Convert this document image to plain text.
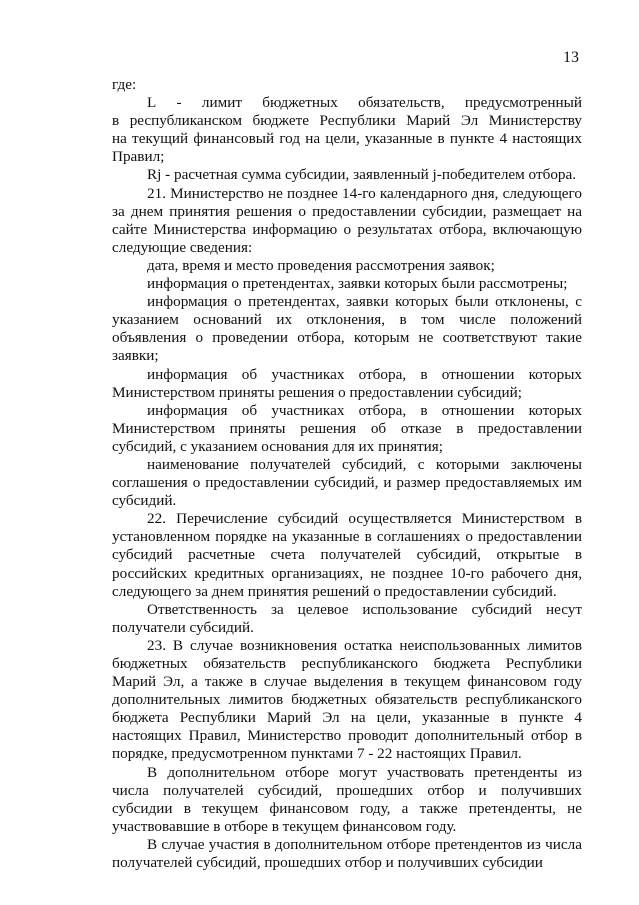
13

где:

L - лимит бюджетных обязательств, предусмотренный

в республиканском бюджете Республики Марий Эл Министерству

на текущий финансовый год на цели, указанные в пункте 4 настоящих

Правил;

Rj - расчетная сумма субсидии, заявленный j-победителем отбора.

21. Министерство не позднее 14-го календарного дня, следующего за днем принятия решения о предоставлении субсидии, размещает на сайте Министерства информацию о результатах отбора, включающую следующие сведения:

дата, время и место проведения рассмотрения заявок;

информация о претендентах, заявки которых были рассмотрены;

информация о претендентах, заявки которых были отклонены, с указанием оснований их отклонения, в том числе положений объявления о проведении отбора, которым не соответствуют такие заявки;

информация об участниках отбора, в отношении которых Министерством приняты решения о предоставлении субсидий;

информация об участниках отбора, в отношении которых Министерством приняты решения об отказе в предоставлении субсидий, с указанием основания для их принятия;

наименование получателей субсидий, с которыми заключены соглашения о предоставлении субсидий, и размер предоставляемых им субсидий.

22. Перечисление субсидий осуществляется Министерством в установленном порядке на указанные в соглашениях о предоставлении субсидий расчетные счета получателей субсидий, открытые в российских кредитных организациях, не позднее 10-го рабочего дня, следующего за днем принятия решений о предоставлении субсидий.

Ответственность за целевое использование субсидий несут получатели субсидий.

23. В случае возникновения остатка неиспользованных лимитов бюджетных обязательств республиканского бюджета Республики Марий Эл, а также в случае выделения в текущем финансовом году дополнительных лимитов бюджетных обязательств республиканского бюджета Республики Марий Эл на цели, указанные в пункте 4 настоящих Правил, Министерство проводит дополнительный отбор в порядке, предусмотренном пунктами 7 - 22 настоящих Правил.

В дополнительном отборе могут участвовать претенденты из числа получателей субсидий, прошедших отбор и получивших субсидии в текущем финансовом году, а также претенденты, не участвовавшие в отборе в текущем финансовом году.

В случае участия в дополнительном отборе претендентов из числа получателей субсидий, прошедших отбор и получивших субсидии
